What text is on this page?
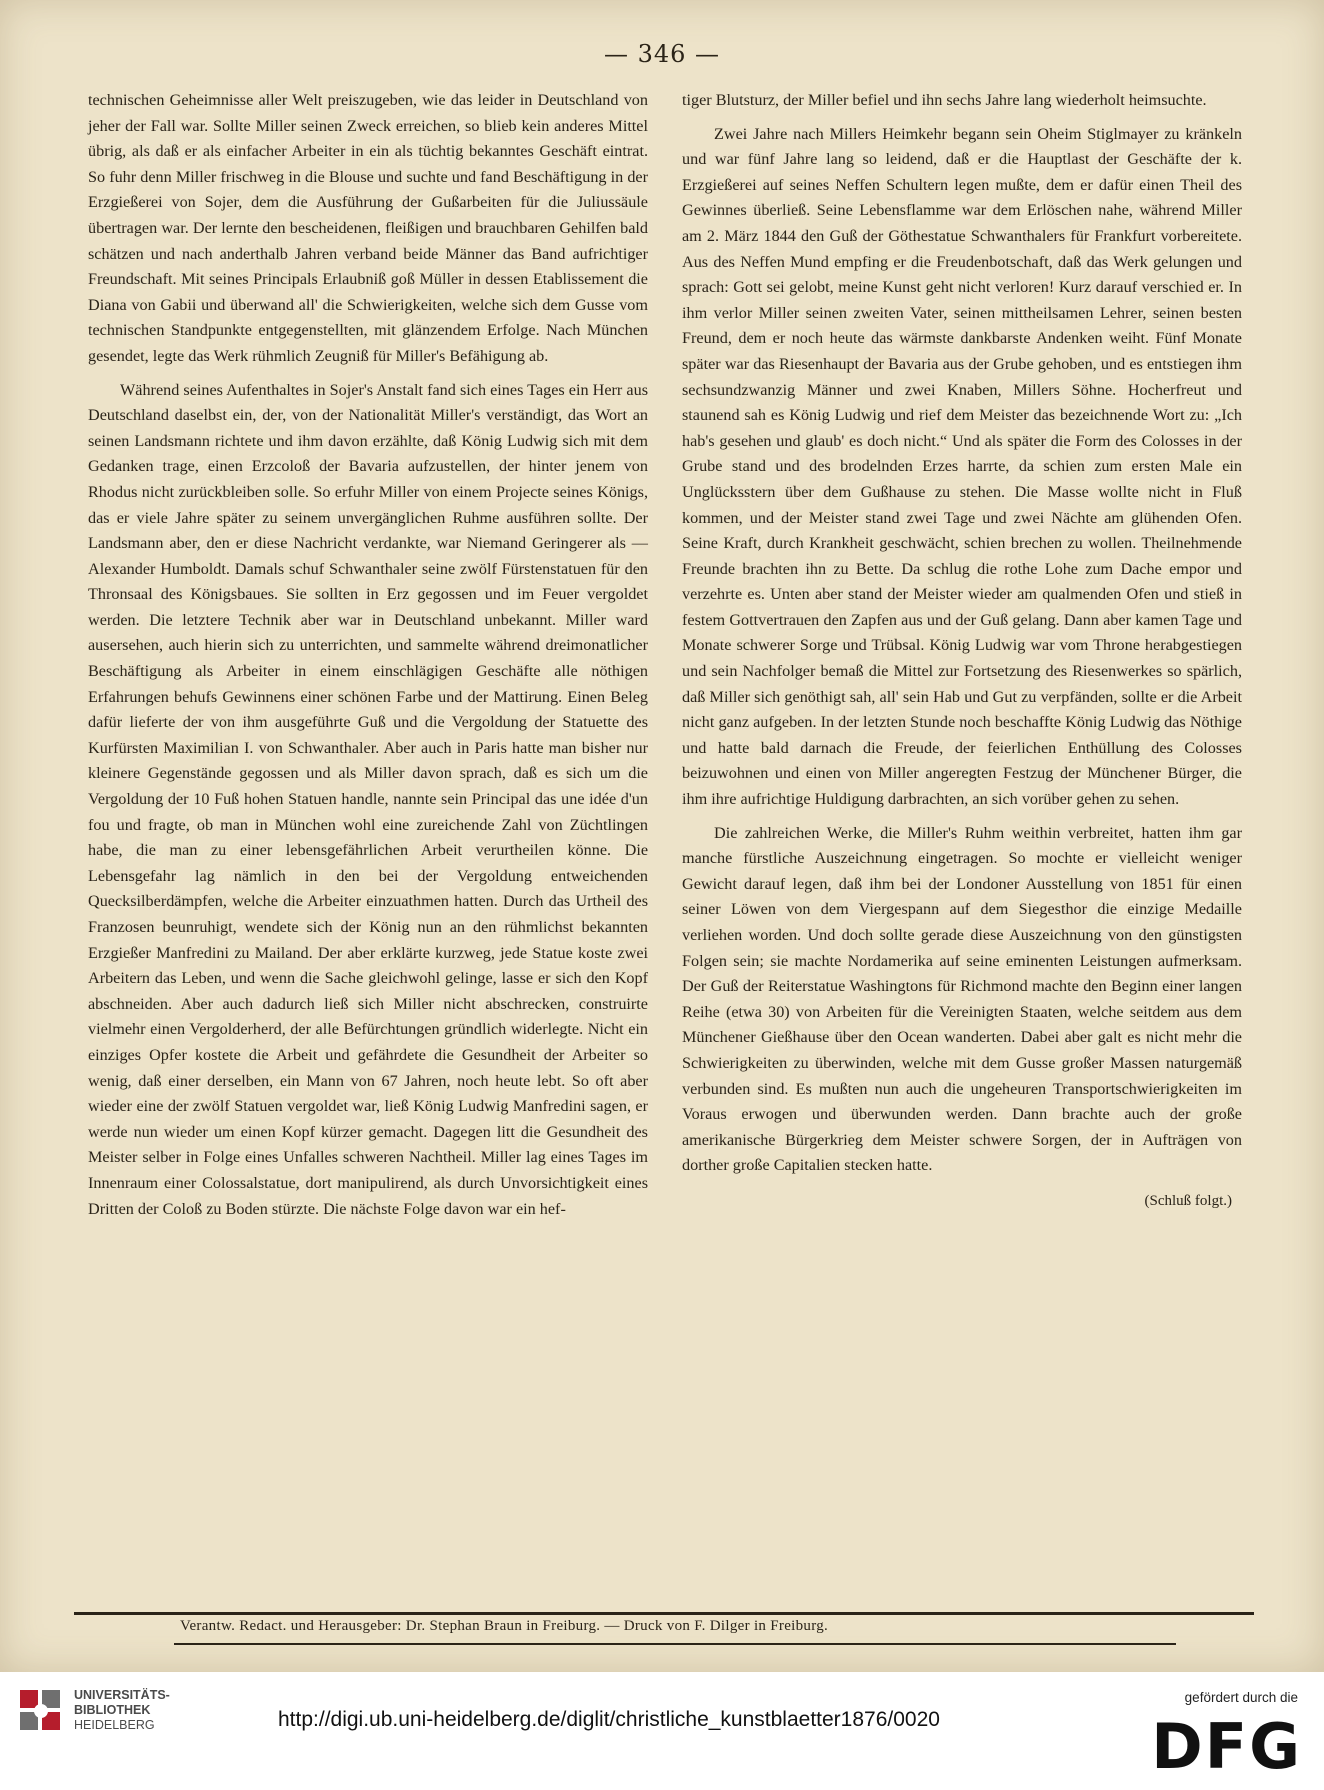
— 346 —

technischen Geheimnisse aller Welt preiszugeben, wie das leider in Deutschland von jeher der Fall war. Sollte Miller seinen Zweck erreichen, so blieb kein anderes Mittel übrig, als daß er als einfacher Arbeiter in ein als tüchtig bekanntes Geschäft eintrat. So fuhr denn Miller frischweg in die Blouse und suchte und fand Beschäftigung in der Erzgießerei von Sojer, dem die Ausführung der Gußarbeiten für die Juliussäule übertragen war. Der lernte den bescheidenen, fleißigen und brauchbaren Gehilfen bald schätzen und nach anderthalb Jahren verband beide Männer das Band aufrichtiger Freundschaft. Mit seines Principals Erlaubniß goß Müller in dessen Etablissement die Diana von Gabii und überwand all' die Schwierigkeiten, welche sich dem Gusse vom technischen Standpunkte entgegenstellten, mit glänzendem Erfolge. Nach München gesendet, legte das Werk rühmlich Zeugniß für Miller's Befähigung ab.

Während seines Aufenthaltes in Sojer's Anstalt fand sich eines Tages ein Herr aus Deutschland daselbst ein, der, von der Nationalität Miller's verständigt, das Wort an seinen Landsmann richtete und ihm davon erzählte, daß König Ludwig sich mit dem Gedanken trage, einen Erzcoloß der Bavaria aufzustellen, der hinter jenem von Rhodus nicht zurückbleiben solle. So erfuhr Miller von einem Projecte seines Königs, das er viele Jahre später zu seinem unvergänglichen Ruhme ausführen sollte. Der Landsmann aber, den er diese Nachricht verdankte, war Niemand Geringerer als — Alexander Humboldt. Damals schuf Schwanthaler seine zwölf Fürstenstatuen für den Thronsaal des Königsbaues. Sie sollten in Erz gegossen und im Feuer vergoldet werden. Die letztere Technik aber war in Deutschland unbekannt. Miller ward ausersehen, auch hierin sich zu unterrichten, und sammelte während dreimonatlicher Beschäftigung als Arbeiter in einem einschlägigen Geschäfte alle nöthigen Erfahrungen behufs Gewinnens einer schönen Farbe und der Mattirung. Einen Beleg dafür lieferte der von ihm ausgeführte Guß und die Vergoldung der Statuette des Kurfürsten Maximilian I. von Schwanthaler. Aber auch in Paris hatte man bisher nur kleinere Gegenstände gegossen und als Miller davon sprach, daß es sich um die Vergoldung der 10 Fuß hohen Statuen handle, nannte sein Principal das une idée d'un fou und fragte, ob man in München wohl eine zureichende Zahl von Züchtlingen habe, die man zu einer lebensgefährlichen Arbeit verurtheilen könne. Die Lebensgefahr lag nämlich in den bei der Vergoldung entweichenden Quecksilberdämpfen, welche die Arbeiter einzuathmen hatten. Durch das Urtheil des Franzosen beunruhigt, wendete sich der König nun an den rühmlichst bekannten Erzgießer Manfredini zu Mailand. Der aber erklärte kurzweg, jede Statue koste zwei Arbeitern das Leben, und wenn die Sache gleichwohl gelinge, lasse er sich den Kopf abschneiden. Aber auch dadurch ließ sich Miller nicht abschrecken, construirte vielmehr einen Vergolderherd, der alle Befürchtungen gründlich widerlegte. Nicht ein einziges Opfer kostete die Arbeit und gefährdete die Gesundheit der Arbeiter so wenig, daß einer derselben, ein Mann von 67 Jahren, noch heute lebt. So oft aber wieder eine der zwölf Statuen vergoldet war, ließ König Ludwig Manfredini sagen, er werde nun wieder um einen Kopf kürzer gemacht. Dagegen litt die Gesundheit des Meister selber in Folge eines Unfalles schweren Nachtheil. Miller lag eines Tages im Innenraum einer Colossalstatue, dort manipulirend, als durch Unvorsichtigkeit eines Dritten der Coloß zu Boden stürzte. Die nächste Folge davon war ein hef-

tiger Blutsturz, der Miller befiel und ihn sechs Jahre lang wiederholt heimsuchte.

Zwei Jahre nach Millers Heimkehr begann sein Oheim Stiglmayer zu kränkeln und war fünf Jahre lang so leidend, daß er die Hauptlast der Geschäfte der k. Erzgießerei auf seines Neffen Schultern legen mußte, dem er dafür einen Theil des Gewinnes überließ. Seine Lebensflamme war dem Erlöschen nahe, während Miller am 2. März 1844 den Guß der Göthestatue Schwanthalers für Frankfurt vorbereitete. Aus des Neffen Mund empfing er die Freudenbotschaft, daß das Werk gelungen und sprach: Gott sei gelobt, meine Kunst geht nicht verloren! Kurz darauf verschied er. In ihm verlor Miller seinen zweiten Vater, seinen mittheilsamen Lehrer, seinen besten Freund, dem er noch heute das wärmste dankbarste Andenken weiht. Fünf Monate später war das Riesenhaupt der Bavaria aus der Grube gehoben, und es entstiegen ihm sechsundzwanzig Männer und zwei Knaben, Millers Söhne. Hocherfreut und staunend sah es König Ludwig und rief dem Meister das bezeichnende Wort zu: „Ich hab's gesehen und glaub' es doch nicht.“ Und als später die Form des Colosses in der Grube stand und des brodelnden Erzes harrte, da schien zum ersten Male ein Unglücksstern über dem Gußhause zu stehen. Die Masse wollte nicht in Fluß kommen, und der Meister stand zwei Tage und zwei Nächte am glühenden Ofen. Seine Kraft, durch Krankheit geschwächt, schien brechen zu wollen. Theilnehmende Freunde brachten ihn zu Bette. Da schlug die rothe Lohe zum Dache empor und verzehrte es. Unten aber stand der Meister wieder am qualmenden Ofen und stieß in festem Gottvertrauen den Zapfen aus und der Guß gelang. Dann aber kamen Tage und Monate schwerer Sorge und Trübsal. König Ludwig war vom Throne herabgestiegen und sein Nachfolger bemaß die Mittel zur Fortsetzung des Riesenwerkes so spärlich, daß Miller sich genöthigt sah, all' sein Hab und Gut zu verpfänden, sollte er die Arbeit nicht ganz aufgeben. In der letzten Stunde noch beschaffte König Ludwig das Nöthige und hatte bald darnach die Freude, der feierlichen Enthüllung des Colosses beizuwohnen und einen von Miller angeregten Festzug der Münchener Bürger, die ihm ihre aufrichtige Huldigung darbrachten, an sich vorüber gehen zu sehen.

Die zahlreichen Werke, die Miller's Ruhm weithin verbreitet, hatten ihm gar manche fürstliche Auszeichnung eingetragen. So mochte er vielleicht weniger Gewicht darauf legen, daß ihm bei der Londoner Ausstellung von 1851 für einen seiner Löwen von dem Viergespann auf dem Siegesthor die einzige Medaille verliehen worden. Und doch sollte gerade diese Auszeichnung von den günstigsten Folgen sein; sie machte Nordamerika auf seine eminenten Leistungen aufmerksam. Der Guß der Reiterstatue Washingtons für Richmond machte den Beginn einer langen Reihe (etwa 30) von Arbeiten für die Vereinigten Staaten, welche seitdem aus dem Münchener Gießhause über den Ocean wanderten. Dabei aber galt es nicht mehr die Schwierigkeiten zu überwinden, welche mit dem Gusse großer Massen naturgemäß verbunden sind. Es mußten nun auch die ungeheuren Transportschwierigkeiten im Voraus erwogen und überwunden werden. Dann brachte auch der große amerikanische Bürgerkrieg dem Meister schwere Sorgen, der in Aufträgen von dorther große Capitalien stecken hatte.

(Schluß folgt.)
Verantw. Redact. und Herausgeber: Dr. Stephan Braun in Freiburg. — Druck von F. Dilger in Freiburg.
UNIVERSITÄTS-
BIBLIOTHEK
HEIDELBERG	http://digi.ub.uni-heidelberg.de/diglit/christliche_kunstblaetter1876/0020
gefördert durch die
DFG
